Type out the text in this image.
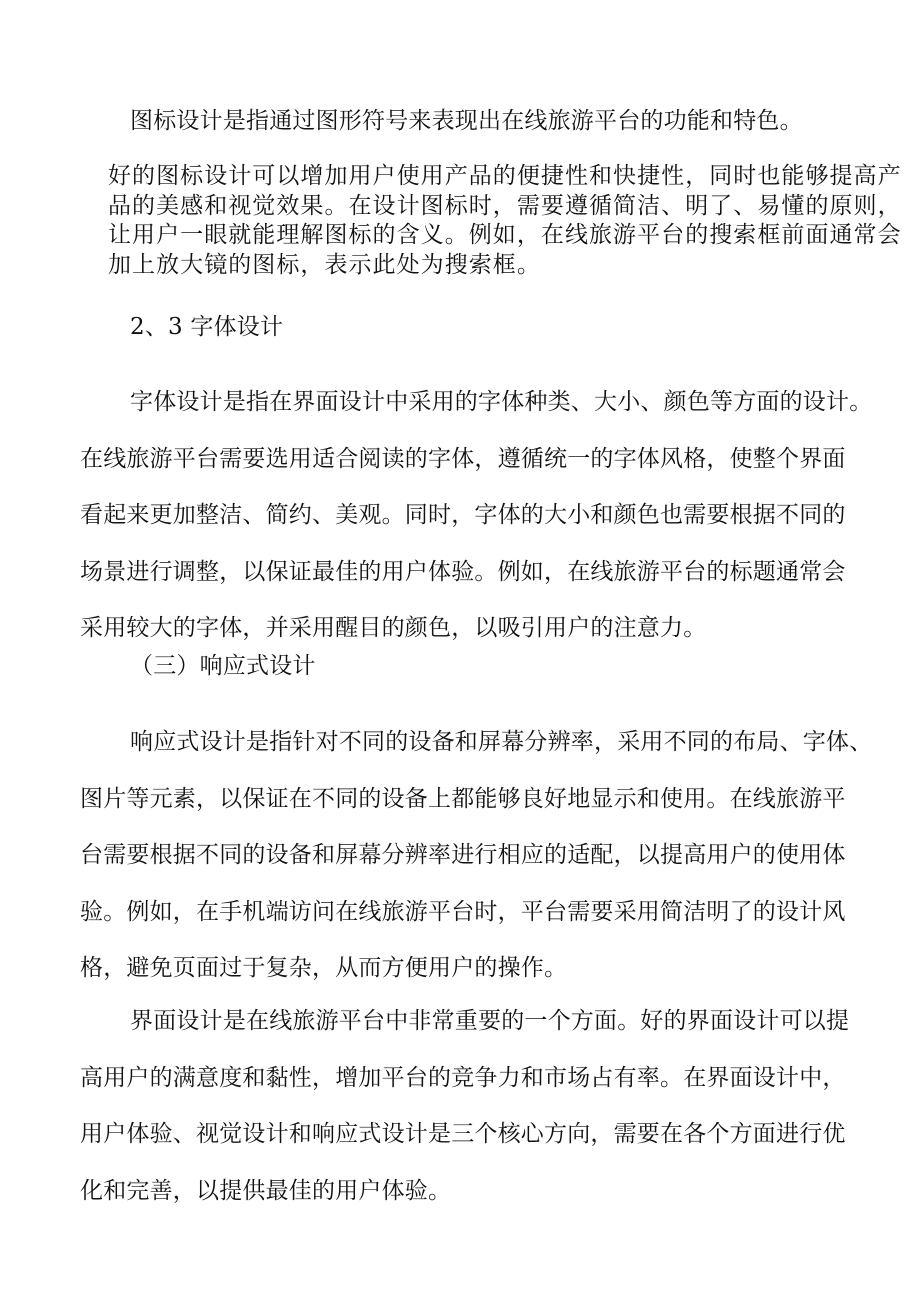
图标设计是指通过图形符号来表现出在线旅游平台的功能和特色。

好的图标设计可以增加用户使用产品的便捷性和快捷性，同时也能够提高产
品的美感和视觉效果。在设计图标时，需要遵循简洁、明了、易懂的原则，
让用户一眼就能理解图标的含义。例如，在线旅游平台的搜索框前面通常会
加上放大镜的图标，表示此处为搜索框。

2、3 字体设计

字体设计是指在界面设计中采用的字体种类、大小、颜色等方面的设计。
在线旅游平台需要选用适合阅读的字体，遵循统一的字体风格，使整个界面
看起来更加整洁、简约、美观。同时，字体的大小和颜色也需要根据不同的
场景进行调整，以保证最佳的用户体验。例如，在线旅游平台的标题通常会
采用较大的字体，并采用醒目的颜色，以吸引用户的注意力。

（三）响应式设计

响应式设计是指针对不同的设备和屏幕分辨率，采用不同的布局、字体、
图片等元素，以保证在不同的设备上都能够良好地显示和使用。在线旅游平
台需要根据不同的设备和屏幕分辨率进行相应的适配，以提高用户的使用体
验。例如，在手机端访问在线旅游平台时，平台需要采用简洁明了的设计风
格，避免页面过于复杂，从而方便用户的操作。

界面设计是在线旅游平台中非常重要的一个方面。好的界面设计可以提
高用户的满意度和黏性，增加平台的竞争力和市场占有率。在界面设计中，
用户体验、视觉设计和响应式设计是三个核心方向，需要在各个方面进行优
化和完善，以提供最佳的用户体验。
